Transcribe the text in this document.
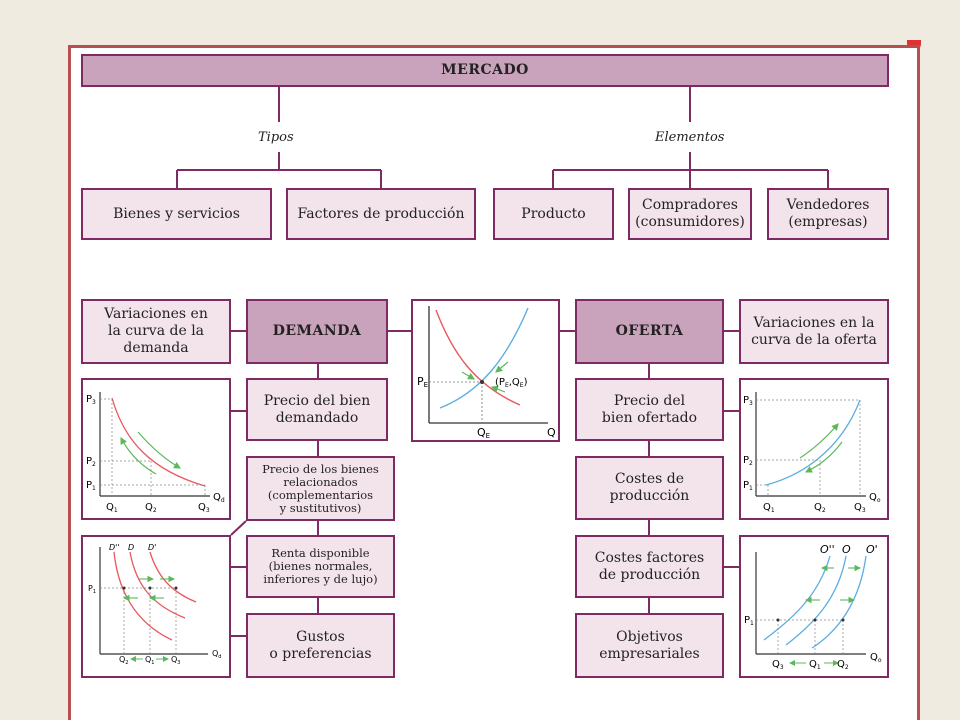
MERCADO
Tipos	Elementos
Bienes y servicios	Factores de producción	Producto
Compradores
(consumidores)
Vendedores
(empresas)
Variaciones en
la curva de la
demanda
DEMANDA
Precio del bien
demandado
Precio de los bienes
relacionados
(complementarios
y sustitutivos)
Renta disponible
(bienes normales,
inferiores y de lujo)
Gustos
o preferencias
OFERTA
Variaciones en la
curva de la oferta
Precio del
bien ofertado
Costes de
producción
Costes factores
de producción
Objetivos
empresariales
PE
QE	Q
$(P_E,Q_E)$
$P_3$
$P_2$
$P_1$
$Q_1$	$Q_2$	$Q_3$
$Q_d$
D'' D D'
$P_1$
$Q_2$ $Q_1$ $Q_3$
$Q_d$
$P_3$
$P_2$
$P_1$
$Q_1$	$Q_2$	$Q_3$
$Q_o$
O'' O O'
$P_1$
$Q_3$	$Q_1$ $Q_2$
$Q_o$
